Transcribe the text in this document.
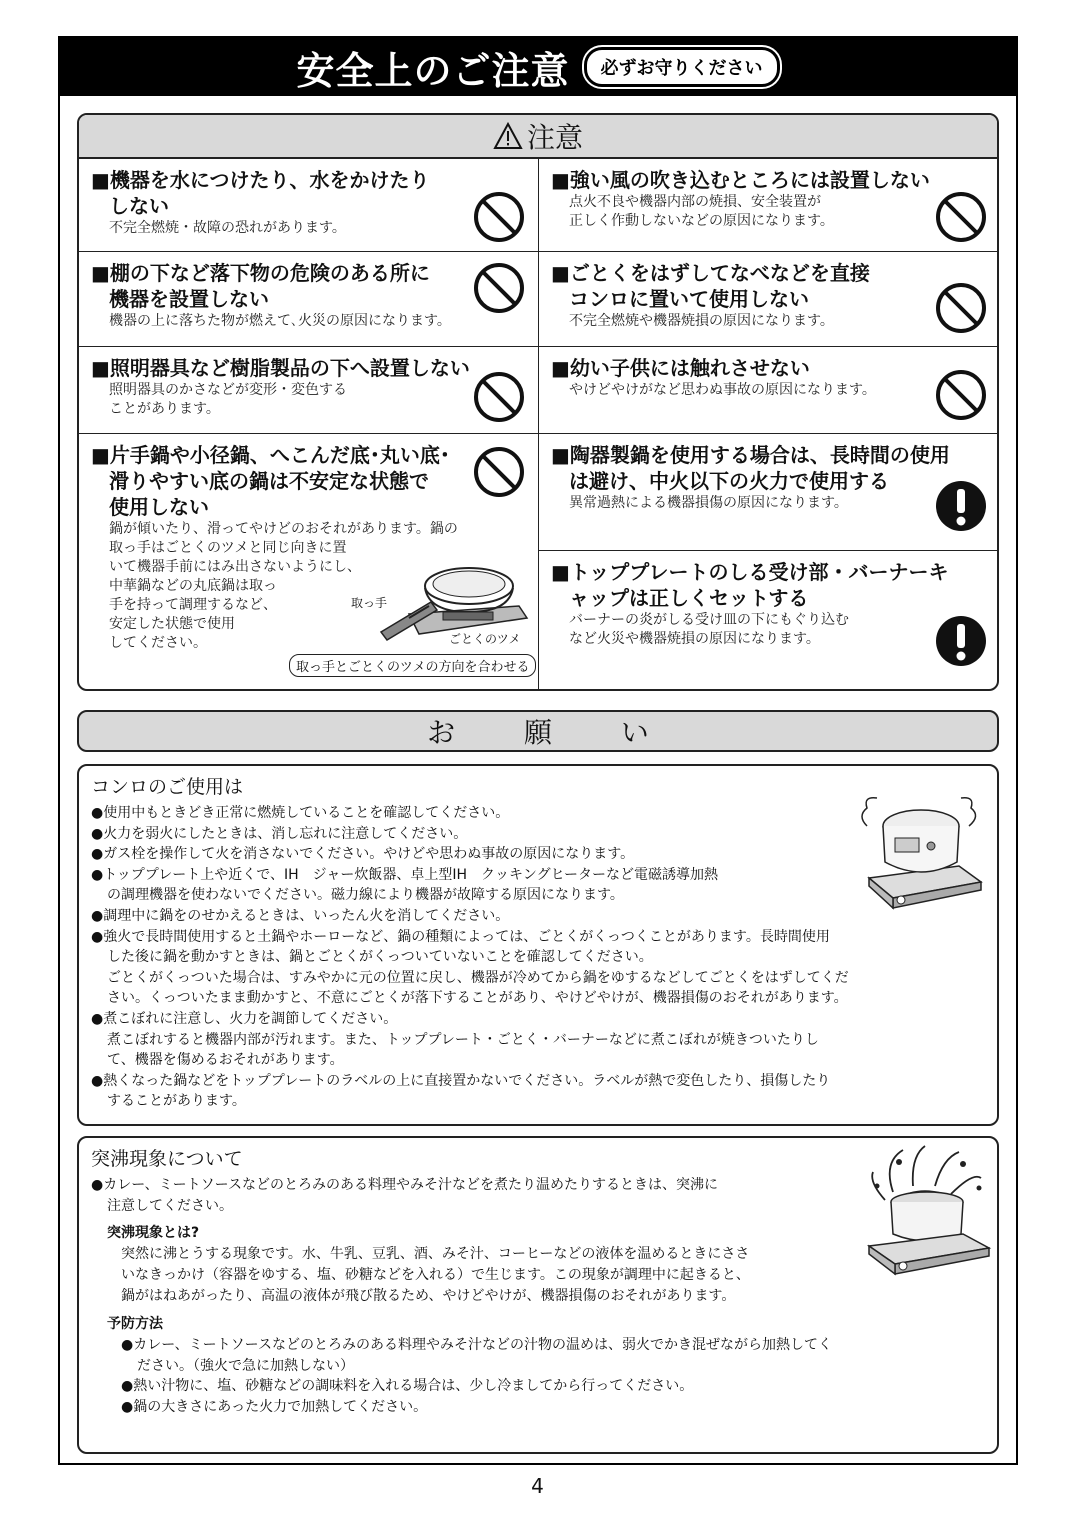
安全上のご注意	必ずお守りください
注意
■機器を水につけたり、水をかけたり
しない
不完全燃焼・故障の恐れがあります。
■強い風の吹き込むところには設置しない
点火不良や機器内部の焼損、安全装置が
正しく作動しないなどの原因になります。
■棚の下など落下物の危険のある所に
機器を設置しない
機器の上に落ちた物が燃えて､火災の原因になります。
■ごとくをはずしてなべなどを直接
コンロに置いて使用しない
不完全燃焼や機器焼損の原因になります。
■照明器具など樹脂製品の下へ設置しない
照明器具のかさなどが変形・変色する
ことがあります。
■幼い子供には触れさせない
やけどやけがなど思わぬ事故の原因になります。
■片手鍋や小径鍋、へこんだ底･丸い底･
滑りやすい底の鍋は不安定な状態で
使用しない
鍋が傾いたり、滑ってやけどのおそれがあります。鍋の
取っ手はごとくのツメと同じ向きに置
いて機器手前にはみ出さないようにし、
中華鍋などの丸底鍋は取っ
手を持って調理するなど、
安定した状態で使用
してください。
取っ手
ごとくのツメ
取っ手とごとくのツメの方向を合わせる
■陶器製鍋を使用する場合は、長時間の使用
は避け、中火以下の火力で使用する
異常過熱による機器損傷の原因になります。
■トッププレートのしる受け部・バーナーキ
ャップは正しくセットする
バーナーの炎がしる受け皿の下にもぐり込む
など火災や機器焼損の原因になります。
お 願 い
コンロのご使用は
●使用中もときどき正常に燃焼していることを確認してください。
●火力を弱火にしたときは、消し忘れに注意してください。
●ガス栓を操作して火を消さないでください。やけどや思わぬ事故の原因になります。
●トッププレート上や近くで、IH　ジャー炊飯器、卓上型IH　クッキングヒーターなど電磁誘導加熱
の調理機器を使わないでください。磁力線により機器が故障する原因になります。
●調理中に鍋をのせかえるときは、いったん火を消してください。
●強火で長時間使用すると土鍋やホーローなど、鍋の種類によっては、ごとくがくっつくことがあります。長時間使用
した後に鍋を動かすときは、鍋とごとくがくっついていないことを確認してください。
ごとくがくっついた場合は、すみやかに元の位置に戻し、機器が冷めてから鍋をゆするなどしてごとくをはずしてくだ
さい。くっついたまま動かすと、不意にごとくが落下することがあり、やけどやけが、機器損傷のおそれがあります。
●煮こぼれに注意し、火力を調節してください。
煮こぼれすると機器内部が汚れます。また、トッププレート・ごとく・バーナーなどに煮こぼれが焼きついたりし
て、機器を傷めるおそれがあります。
●熱くなった鍋などをトッププレートのラベルの上に直接置かないでください。ラベルが熱で変色したり、損傷したり
することがあります。
突沸現象について
●カレー、ミートソースなどのとろみのある料理やみそ汁などを煮たり温めたりするときは、突沸に
注意してください。
突沸現象とは?
突然に沸とうする現象です。水、牛乳、豆乳、酒、みそ汁、コーヒーなどの液体を温めるときにささ
いなきっかけ（容器をゆする、塩、砂糖などを入れる）で生じます。この現象が調理中に起きると、
鍋がはねあがったり、高温の液体が飛び散るため、やけどやけが、機器損傷のおそれがあります。
予防方法
●カレー、ミートソースなどのとろみのある料理やみそ汁などの汁物の温めは、弱火でかき混ぜながら加熱してく
ださい。（強火で急に加熱しない）
●熱い汁物に、塩、砂糖などの調味料を入れる場合は、少し冷ましてから行ってください。
●鍋の大きさにあった火力で加熱してください。
4
